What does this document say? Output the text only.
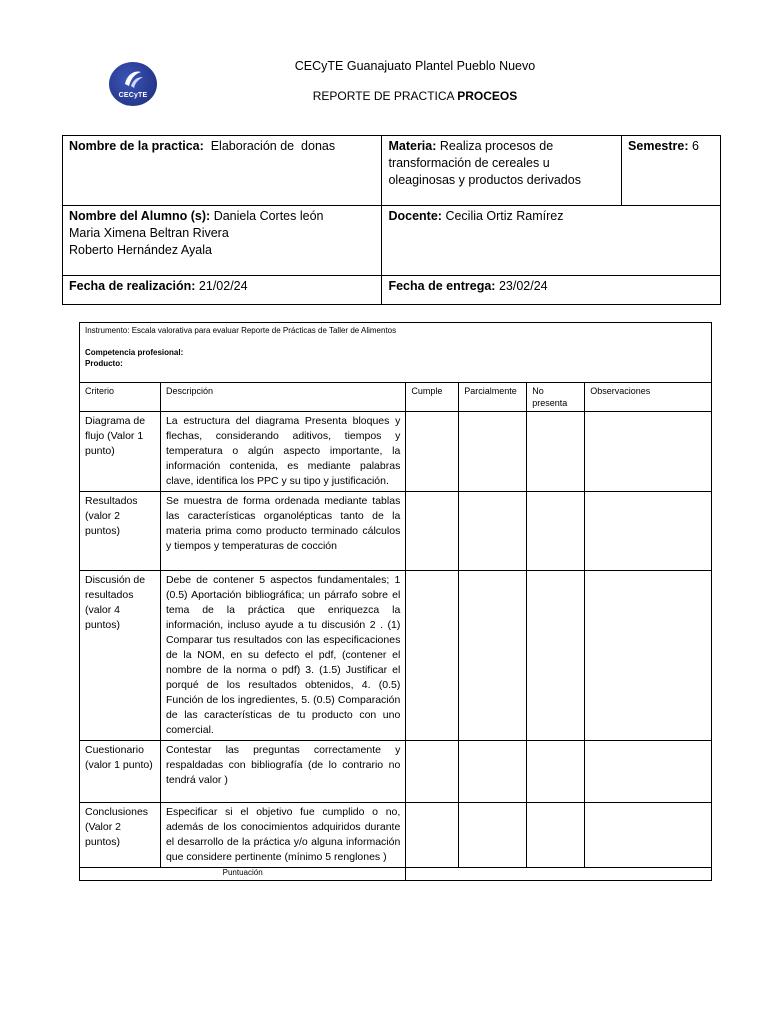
CECyTE
CECyTE Guanajuato Plantel Pueblo Nuevo
REPORTE DE PRACTICA PROCEOS
Nombre de la practica: Elaboración de  donas	Materia: Realiza procesos de transformación de cereales u oleaginosas y productos derivados	Semestre: 6
Nombre del Alumno (s): Daniela Cortes león
Maria Ximena Beltran Rivera
Roberto Hernández Ayala	Docente: Cecilia Ortiz Ramírez	
Fecha de realización: 21/02/24	Fecha de entrega: 23/02/24	
Instrumento: Escala valorativa para evaluar Reporte de Prácticas de Taller de Alimentos
Competencia profesional:
Producto:					

Criterio	Descripción	Cumple	Parcialmente	No presenta	Observaciones
Diagrama de flujo (Valor 1 punto)	La estructura del diagrama Presenta bloques y flechas, considerando aditivos, tiempos y temperatura o algún aspecto importante, la información contenida, es mediante palabras clave, identifica los PPC y su tipo y justificación.				
Resultados (valor 2 puntos)	Se muestra de forma ordenada mediante tablas las características organolépticas tanto de la materia prima como producto terminado cálculos y tiempos y temperaturas de cocción				
Discusión de resultados (valor 4 puntos)	Debe de contener 5 aspectos fundamentales; 1 (0.5) Aportación bibliográfica; un párrafo sobre el tema de la práctica que enriquezca la información, incluso ayude a tu discusión 2 . (1) Comparar tus resultados con las especificaciones de la NOM, en su defecto el pdf, (contener el nombre de la norma o pdf) 3. (1.5) Justificar el porqué de los resultados obtenidos, 4. (0.5) Función de los ingredientes, 5. (0.5) Comparación de las características de tu producto con uno comercial.				
Cuestionario (valor 1 punto)	Contestar las preguntas correctamente y respaldadas con bibliografía (de lo contrario no tendrá valor )				
Conclusiones (Valor 2 puntos)	Especificar si el objetivo fue cumplido o no, además de los conocimientos adquiridos durante el desarrollo de la práctica y/o alguna información que considere pertinente (mínimo 5 renglones )				
Puntuación					
